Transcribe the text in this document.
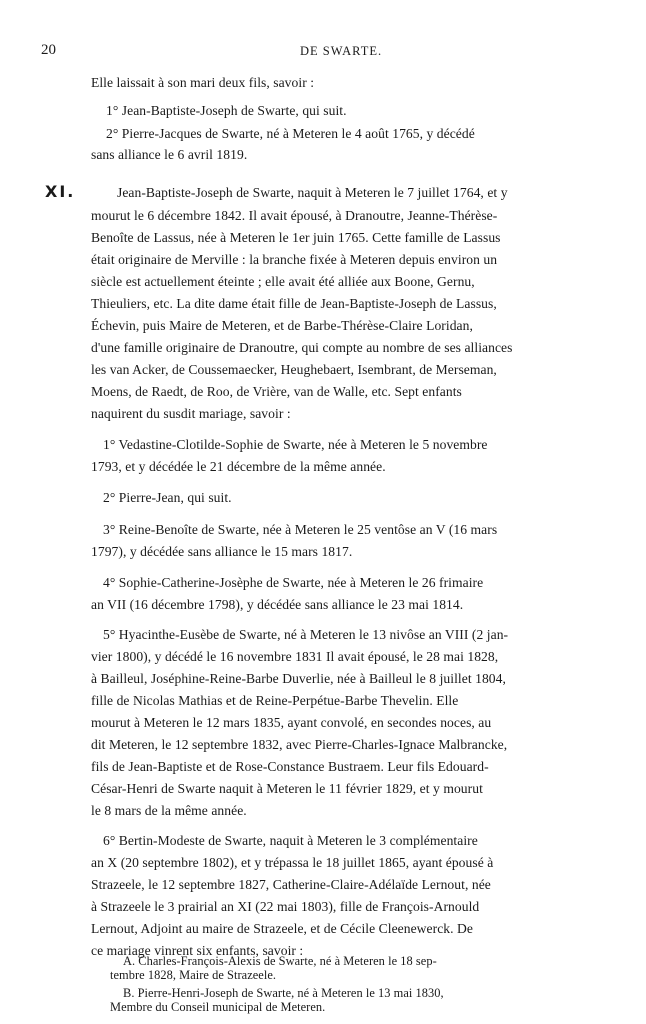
20	DE SWARTE.
Elle laissait à son mari deux fils, savoir :
1° Jean-Baptiste-Joseph de Swarte, qui suit.
2° Pierre-Jacques de Swarte, né à Meteren le 4 août 1765, y décédé
sans alliance le 6 avril 1819.
XI.	Jean-Baptiste-Joseph de Swarte, naquit à Meteren le 7 juillet 1764, et y
mourut le 6 décembre 1842. Il avait épousé, à Dranoutre, Jeanne-Thérèse-
Benoîte de Lassus, née à Meteren le 1er juin 1765. Cette famille de Lassus
était originaire de Merville : la branche fixée à Meteren depuis environ un
siècle est actuellement éteinte ; elle avait été alliée aux Boone, Gernu,
Thieuliers, etc. La dite dame était fille de Jean-Baptiste-Joseph de Lassus,
Échevin, puis Maire de Meteren, et de Barbe-Thérèse-Claire Loridan,
d'une famille originaire de Dranoutre, qui compte au nombre de ses alliances
les van Acker, de Coussemaecker, Heughebaert, Isembrant, de Merseman,
Moens, de Raedt, de Roo, de Vrière, van de Walle, etc. Sept enfants
naquirent du susdit mariage, savoir :
1° Vedastine-Clotilde-Sophie de Swarte, née à Meteren le 5 novembre
1793, et y décédée le 21 décembre de la même année.
2° Pierre-Jean, qui suit.
3° Reine-Benoîte de Swarte, née à Meteren le 25 ventôse an V (16 mars
1797), y décédée sans alliance le 15 mars 1817.
4° Sophie-Catherine-Josèphe de Swarte, née à Meteren le 26 frimaire
an VII (16 décembre 1798), y décédée sans alliance le 23 mai 1814.
5° Hyacinthe-Eusèbe de Swarte, né à Meteren le 13 nivôse an VIII (2 jan-
vier 1800), y décédé le 16 novembre 1831 Il avait épousé, le 28 mai 1828,
à Bailleul, Joséphine-Reine-Barbe Duverlie, née à Bailleul le 8 juillet 1804,
fille de Nicolas Mathias et de Reine-Perpétue-Barbe Thevelin. Elle
mourut à Meteren le 12 mars 1835, ayant convolé, en secondes noces, au
dit Meteren, le 12 septembre 1832, avec Pierre-Charles-Ignace Malbrancke,
fils de Jean-Baptiste et de Rose-Constance Bustraem. Leur fils Edouard-
César-Henri de Swarte naquit à Meteren le 11 février 1829, et y mourut
le 8 mars de la même année.
6° Bertin-Modeste de Swarte, naquit à Meteren le 3 complémentaire
an X (20 septembre 1802), et y trépassa le 18 juillet 1865, ayant épousé à
Strazeele, le 12 septembre 1827, Catherine-Claire-Adélaïde Lernout, née
à Strazeele le 3 prairial an XI (22 mai 1803), fille de François-Arnould
Lernout, Adjoint au maire de Strazeele, et de Cécile Cleenewerck. De
ce mariage vinrent six enfants, savoir :
A. Charles-François-Alexis de Swarte, né à Meteren le 18 sep-
tembre 1828, Maire de Strazeele.
B. Pierre-Henri-Joseph de Swarte, né à Meteren le 13 mai 1830,
Membre du Conseil municipal de Meteren.
